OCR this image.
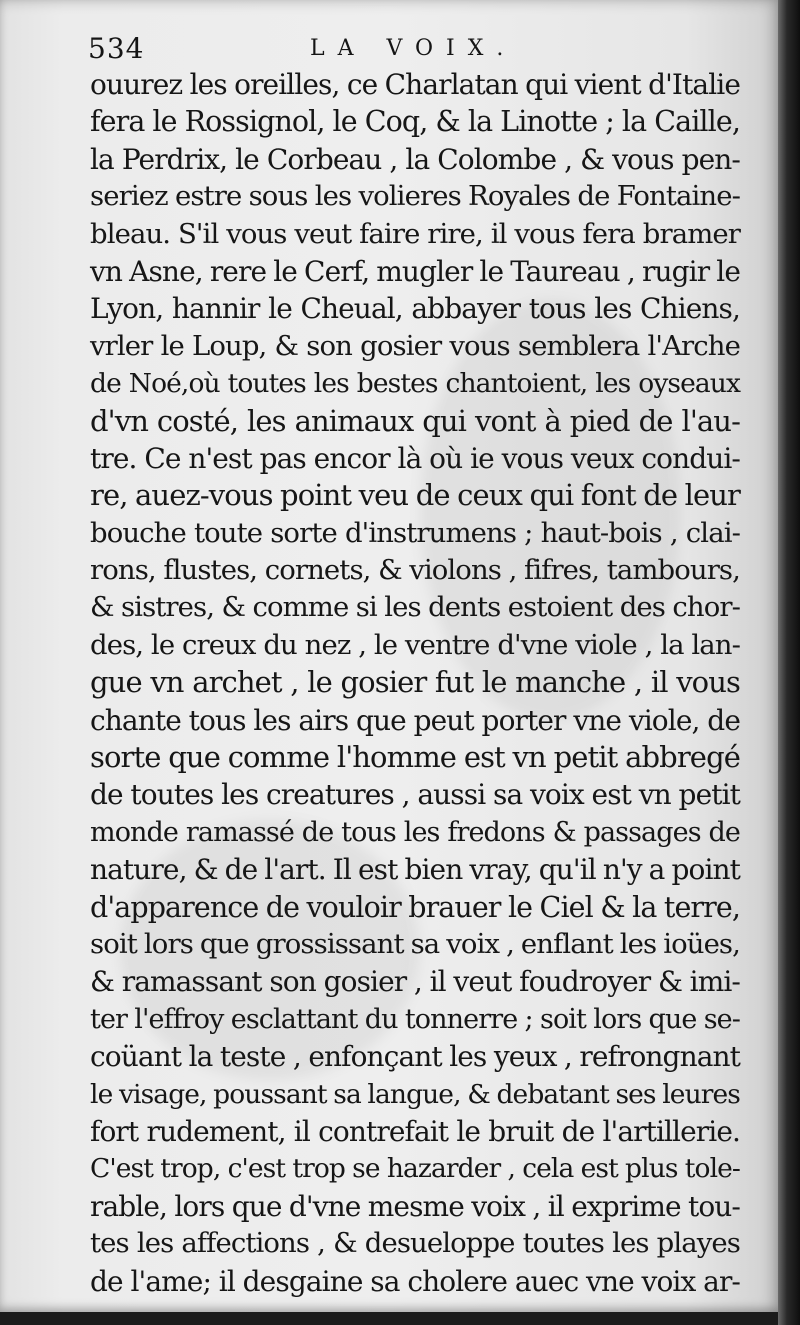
534	LA VOIX.
ouurez les oreilles, ce Charlatan qui vient d'Italie
fera le Rossignol, le Coq, & la Linotte ; la Caille,
la Perdrix, le Corbeau , la Colombe , & vous pen-
seriez estre sous les volieres Royales de Fontaine-
bleau. S'il vous veut faire rire, il vous fera bramer
vn Asne, rere le Cerf, mugler le Taureau , rugir le
Lyon, hannir le Cheual, abbayer tous les Chiens,
vrler le Loup, & son gosier vous semblera l'Arche
de Noé,où toutes les bestes chantoient, les oyseaux
d'vn costé, les animaux qui vont à pied de l'au-
tre. Ce n'est pas encor là où ie vous veux condui-
re, auez-vous point veu de ceux qui font de leur
bouche toute sorte d'instrumens ; haut-bois , clai-
rons, flustes, cornets, & violons , fifres, tambours,
& sistres, & comme si les dents estoient des chor-
des, le creux du nez , le ventre d'vne viole , la lan-
gue vn archet , le gosier fut le manche , il vous
chante tous les airs que peut porter vne viole, de
sorte que comme l'homme est vn petit abbregé
de toutes les creatures , aussi sa voix est vn petit
monde ramassé de tous les fredons & passages de
nature, & de l'art. Il est bien vray, qu'il n'y a point
d'apparence de vouloir brauer le Ciel & la terre,
soit lors que grossissant sa voix , enflant les ioües,
& ramassant son gosier , il veut foudroyer & imi-
ter l'effroy esclattant du tonnerre ; soit lors que se-
coüant la teste , enfonçant les yeux , refrongnant
le visage, poussant sa langue, & debatant ses leures
fort rudement, il contrefait le bruit de l'artillerie.
C'est trop, c'est trop se hazarder , cela est plus tole-
rable, lors que d'vne mesme voix , il exprime tou-
tes les affections , & desueloppe toutes les playes
de l'ame; il desgaine sa cholere auec vne voix ar-
